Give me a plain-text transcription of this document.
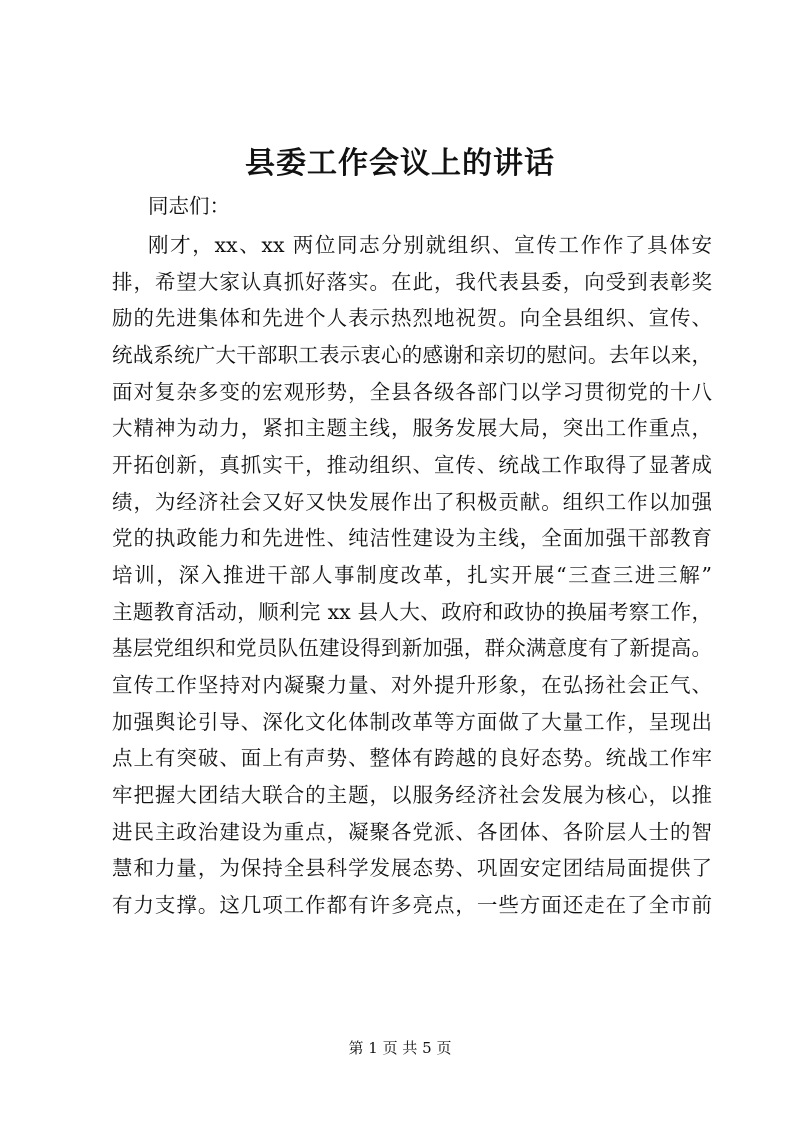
县委工作会议上的讲话
同志们：
刚才，xx、xx 两位同志分别就组织、宣传工作作了具体安
排，希望大家认真抓好落实。在此，我代表县委，向受到表彰奖
励的先进集体和先进个人表示热烈地祝贺。向全县组织、宣传、
统战系统广大干部职工表示衷心的感谢和亲切的慰问。去年以来，
面对复杂多变的宏观形势，全县各级各部门以学习贯彻党的十八
大精神为动力，紧扣主题主线，服务发展大局，突出工作重点，
开拓创新，真抓实干，推动组织、宣传、统战工作取得了显著成
绩，为经济社会又好又快发展作出了积极贡献。组织工作以加强
党的执政能力和先进性、纯洁性建设为主线，全面加强干部教育
培训，深入推进干部人事制度改革，扎实开展“三查三进三解”
主题教育活动，顺利完 xx 县人大、政府和政协的换届考察工作，
基层党组织和党员队伍建设得到新加强，群众满意度有了新提高。
宣传工作坚持对内凝聚力量、对外提升形象，在弘扬社会正气、
加强舆论引导、深化文化体制改革等方面做了大量工作，呈现出
点上有突破、面上有声势、整体有跨越的良好态势。统战工作牢
牢把握大团结大联合的主题，以服务经济社会发展为核心，以推
进民主政治建设为重点，凝聚各党派、各团体、各阶层人士的智
慧和力量，为保持全县科学发展态势、巩固安定团结局面提供了
有力支撑。这几项工作都有许多亮点，一些方面还走在了全市前
第 1 页 共 5 页
